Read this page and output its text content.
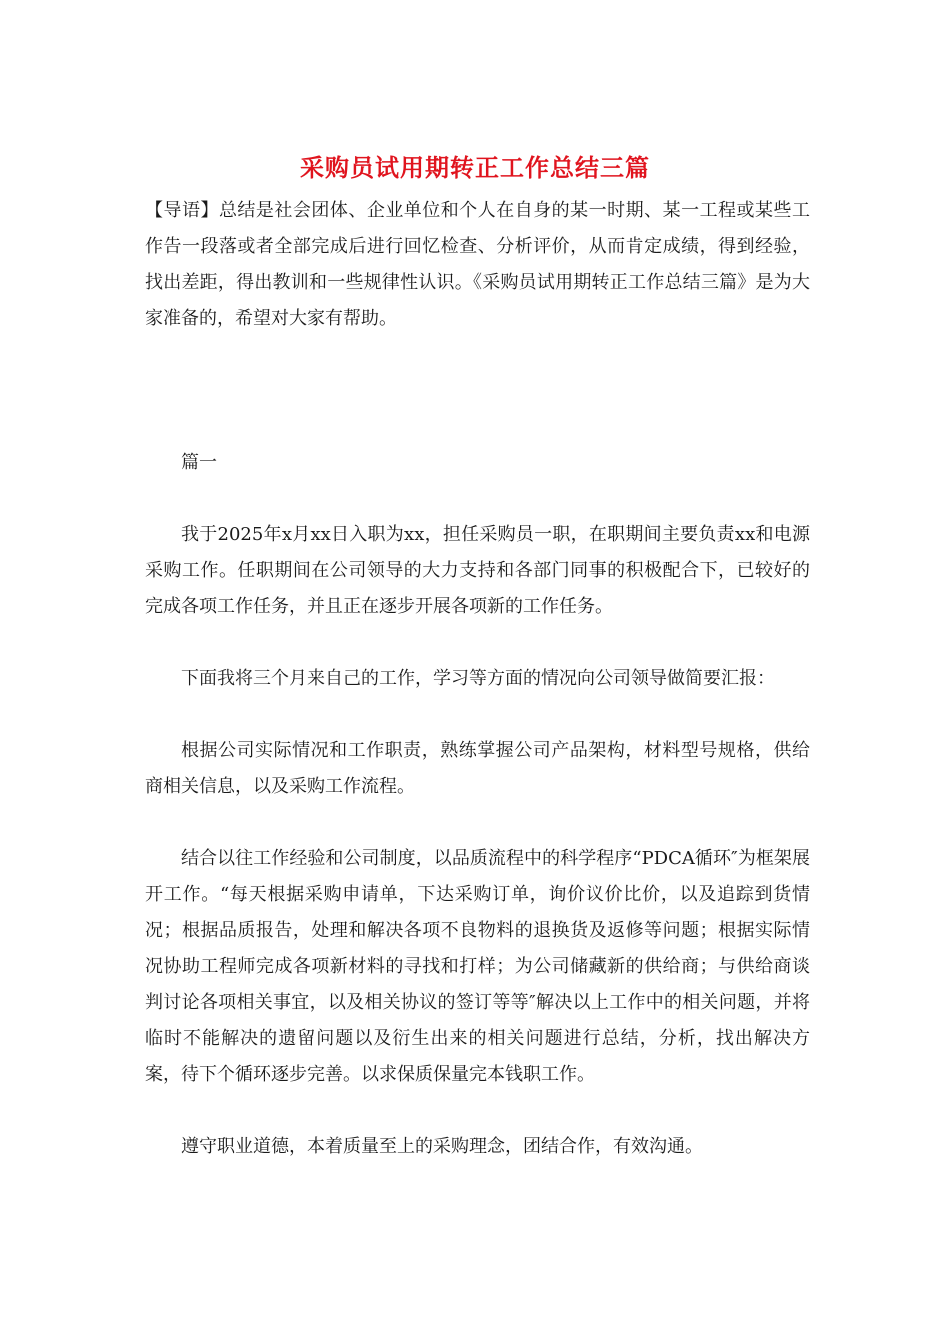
采购员试用期转正工作总结三篇

【导语】总结是社会团体、企业单位和个人在自身的某一时期、某一工程或某些工作告一段落或者全部完成后进行回忆检查、分析评价，从而肯定成绩，得到经验，找出差距，得出教训和一些规律性认识。《采购员试用期转正工作总结三篇》是为大家准备的，希望对大家有帮助。

篇一

我于2025年x月xx日入职为xx，担任采购员一职，在职期间主要负责xx和电源采购工作。任职期间在公司领导的大力支持和各部门同事的积极配合下，已较好的完成各项工作任务，并且正在逐步开展各项新的工作任务。

下面我将三个月来自己的工作，学习等方面的情况向公司领导做简要汇报：

根据公司实际情况和工作职责，熟练掌握公司产品架构，材料型号规格，供给商相关信息，以及采购工作流程。

结合以往工作经验和公司制度，以品质流程中的科学程序“PDCA循环″为框架展开工作。“每天根据采购申请单，下达采购订单，询价议价比价，以及追踪到货情况；根据品质报告，处理和解决各项不良物料的退换货及返修等问题；根据实际情况协助工程师完成各项新材料的寻找和打样；为公司储藏新的供给商；与供给商谈判讨论各项相关事宜，以及相关协议的签订等等″解决以上工作中的相关问题，并将临时不能解决的遗留问题以及衍生出来的相关问题进行总结，分析，找出解决方案，待下个循环逐步完善。以求保质保量完本钱职工作。

遵守职业道德，本着质量至上的采购理念，团结合作，有效沟通。
